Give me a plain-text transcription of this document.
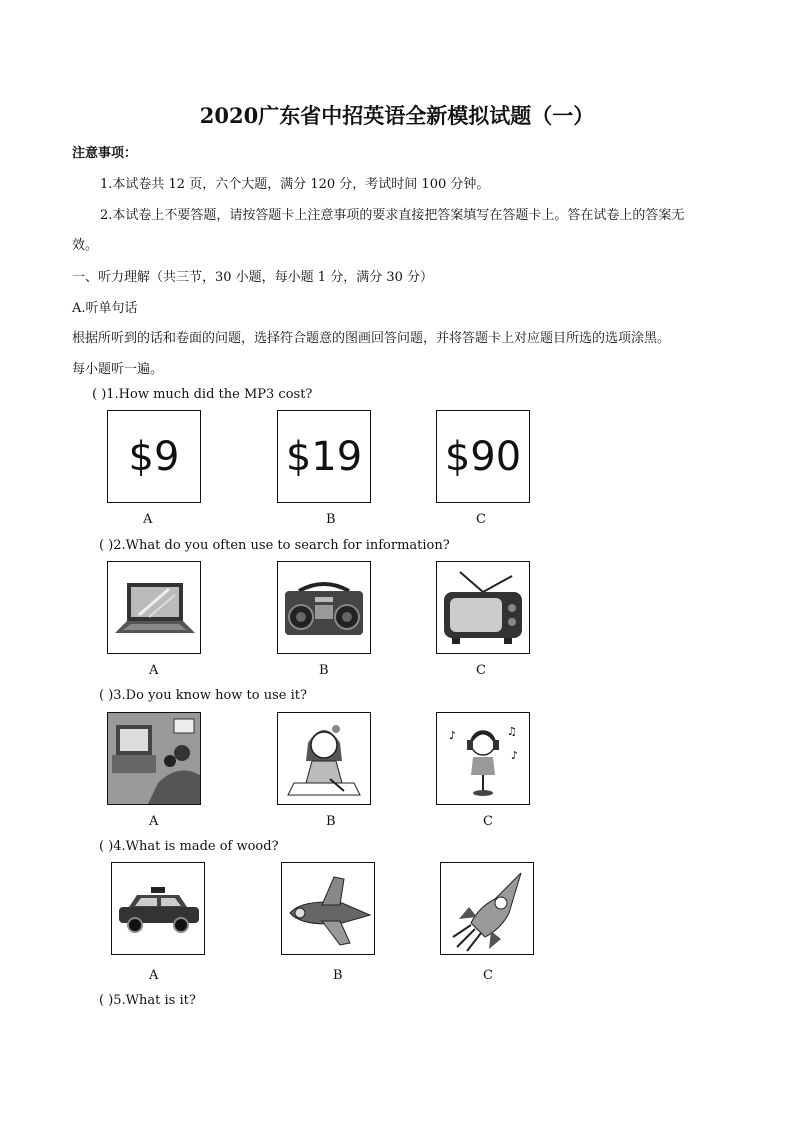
2020广东省中招英语全新模拟试题（一）
注意事项：
1.本试卷共 12 页，六个大题，满分 120 分，考试时间 100 分钟。
2.本试卷上不要答题，请按答题卡上注意事项的要求直接把答案填写在答题卡上。答在试卷上的答案无
效。
一、听力理解（共三节，30 小题，每小题 1 分，满分 30 分）
A.听单句话
根据所听到的话和卷面的问题，选择符合题意的图画回答问题，并将答题卡上对应题目所选的选项涂黑。
每小题听一遍。
( )1.How much did the MP3 cost?
$9	$19 $90
A	B	C
( )2.What do you often use to search for information?
A	B	C
( )3.Do you know how to use it?
♪	♫
♪
A	B	C
( )4.What is made of wood?
A	B	C
( )5.What is it?
